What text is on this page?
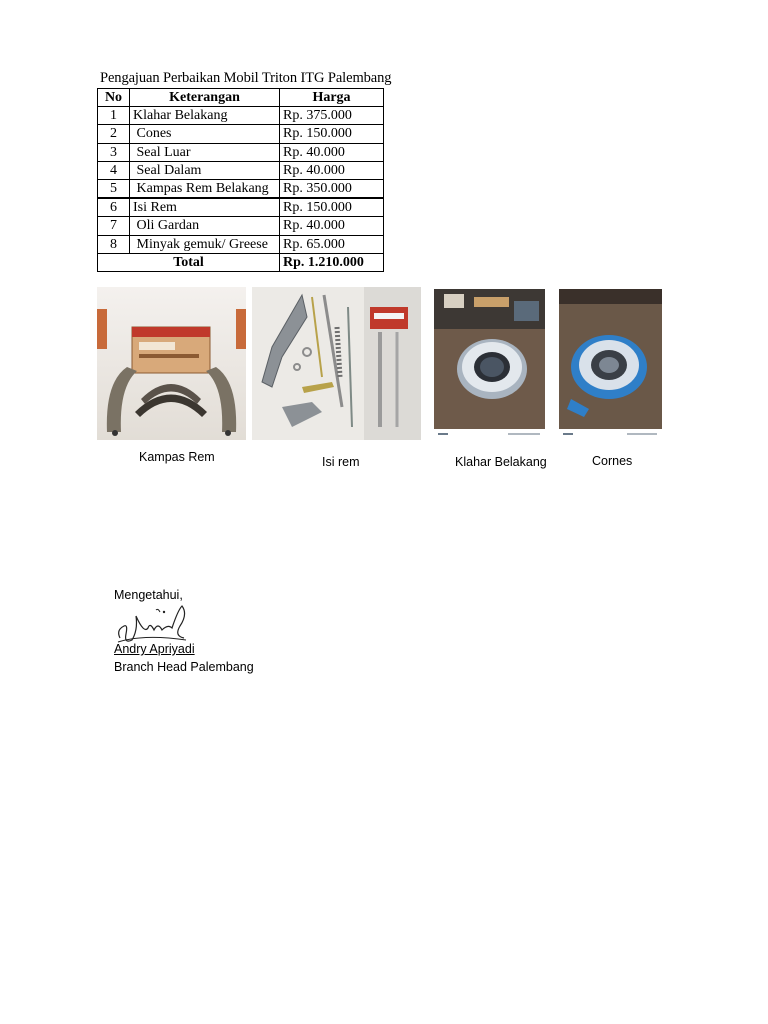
Pengajuan Perbaikan Mobil Triton ITG Palembang
No	Keterangan	Harga
1	Klahar Belakang	Rp. 375.000
2	Cones	Rp. 150.000
3	Seal Luar	Rp. 40.000
4	Seal Dalam	Rp. 40.000
5	Kampas Rem Belakang	Rp. 350.000
6	Isi Rem	Rp. 150.000
7	Oli Gardan	Rp. 40.000
8	Minyak gemuk/ Greese	Rp. 65.000
Total		Rp. 1.210.000
Kampas Rem	Isi rem	Klahar Belakang	Cornes

Mengetahui,

Andry Apriyadi

Branch Head Palembang
